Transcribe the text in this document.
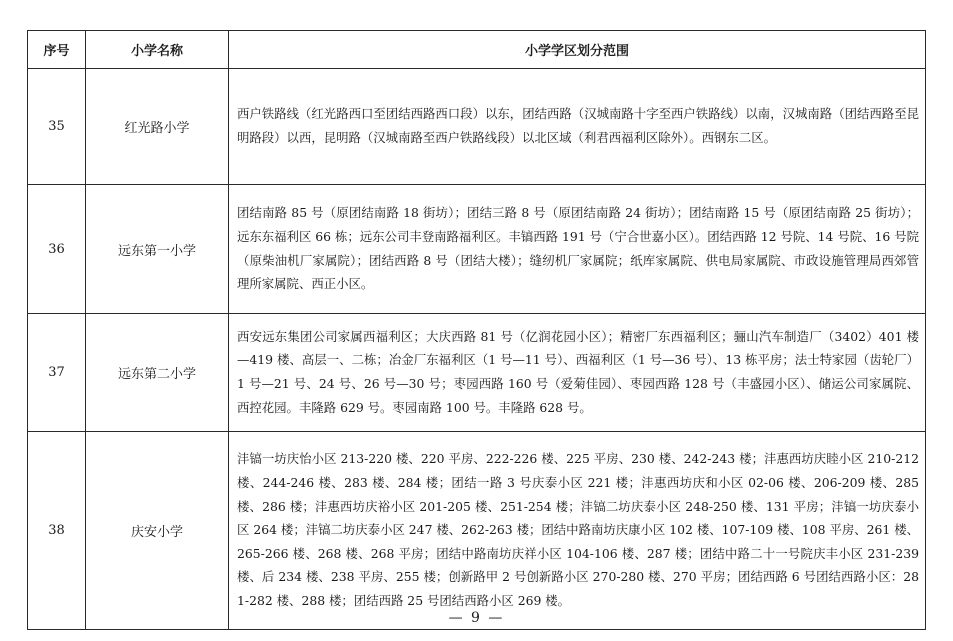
序号	小学名称	小学学区划分范围
35	红光路小学	西户铁路线（红光路西口至团结西路西口段）以东，团结西路（汉城南路十字至西户铁路线）以南，汉城南路（团结西路至昆明路段）以西，昆明路（汉城南路至西户铁路线段）以北区域（利君西福利区除外）。西钢东二区。
36	远东第一小学	团结南路 85 号（原团结南路 18 街坊）；团结三路 8 号（原团结南路 24 街坊）；团结南路 15 号（原团结南路 25 街坊）；远东东福利区 66 栋；远东公司丰登南路福利区。丰镐西路 191 号（宁合世嘉小区）。团结西路 12 号院、14 号院、16 号院（原柴油机厂家属院）；团结西路 8 号（团结大楼）；缝纫机厂家属院；纸库家属院、供电局家属院、市政设施管理局西郊管理所家属院、西正小区。
37	远东第二小学	西安远东集团公司家属西福利区；大庆西路 81 号（亿润花园小区）；精密厂东西福利区；骊山汽车制造厂（3402）401 楼—419 楼、高层一、二栋；冶金厂东福利区（1 号—11 号）、西福利区（1 号—36 号）、13 栋平房；法士特家园（齿轮厂）1 号—21 号、24 号、26 号—30 号；枣园西路 160 号（爱菊佳园）、枣园西路 128 号（丰盛园小区）、储运公司家属院、西控花园。丰隆路 629 号。枣园南路 100 号。丰隆路 628 号。
38	庆安小学	沣镐一坊庆怡小区 213-220 楼、220 平房、222-226 楼、225 平房、230 楼、242-243 楼；沣惠西坊庆睦小区 210-212 楼、244-246 楼、283 楼、284 楼；团结一路 3 号庆泰小区 221 楼；沣惠西坊庆和小区 02-06 楼、206-209 楼、285 楼、286 楼；沣惠西坊庆裕小区 201-205 楼、251-254 楼；沣镐二坊庆泰小区 248-250 楼、131 平房；沣镐一坊庆泰小区 264 楼；沣镐二坊庆泰小区 247 楼、262-263 楼；团结中路南坊庆康小区 102 楼、107-109 楼、108 平房、261 楼、265-266 楼、268 楼、268 平房；团结中路南坊庆祥小区 104-106 楼、287 楼；团结中路二十一号院庆丰小区 231-239 楼、后 234 楼、238 平房、255 楼；创新路甲 2 号创新路小区 270-280 楼、270 平房；团结西路 6 号团结西路小区：281-282 楼、288 楼；团结西路 25 号团结西路小区 269 楼。
— 9 —
